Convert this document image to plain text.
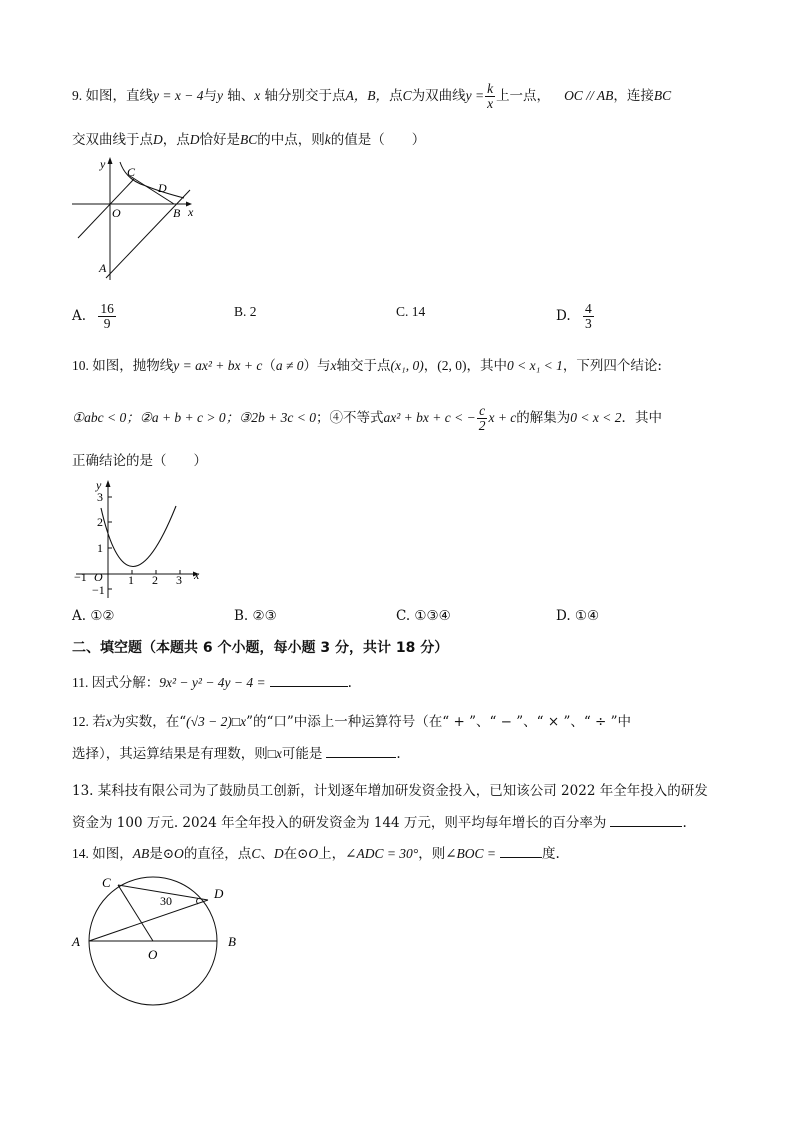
9. 如图，直线y = x − 4与y 轴、x 轴分别交于点A，B，点C为双曲线$y = \frac{k}{x}$ 上一点， OC // AB，连接BC
交双曲线于点D，点D恰好是BC的中点，则k的值是（　　）
y
x
O
A
B
C
D
A. $\frac{16}{9}$	B. 2	C. 14	D. $\frac{4}{3}$
10. 如图，抛物线y = ax² + bx + c（a ≠ 0）与x轴交于点(x₁, 0)，(2, 0)，其中0 < x₁ < 1，下列四个结论:
①abc < 0；②a + b + c > 0；③2b + 3c < 0；④不等式ax² + bx + c < − $\frac{c}{2}$ x + c的解集为0 < x < 2．其中
正确结论的是（　　）
y
x
O
3
2
1
−1
−1	1 2 3
A. ①②	B. ②③	C. ①③④	D. ①④
二、填空题（本题共 6 个小题，每小题 3 分，共计 18 分）
11. 因式分解：9x² − y² − 4y − 4 =	.
12. 若x为实数，在“(√3 − 2)□x”的“口”中添上一种运算符号（在“ + ”、“ − ”、“ × ”、“ ÷ ”中
选择），其运算结果是有理数，则□x可能是	.
13. 某科技有限公司为了鼓励员工创新，计划逐年增加研发资金投入，已知该公司 2022 年全年投入的研发
资金为 100 万元. 2024 年全年投入的研发资金为 144 万元，则平均每年增长的百分率为	.
14. 如图，AB是⊙O的直径，点C、D在⊙O上，∠ADC = 30°，则∠BOC =	度.
A	B
C
D
O
30
